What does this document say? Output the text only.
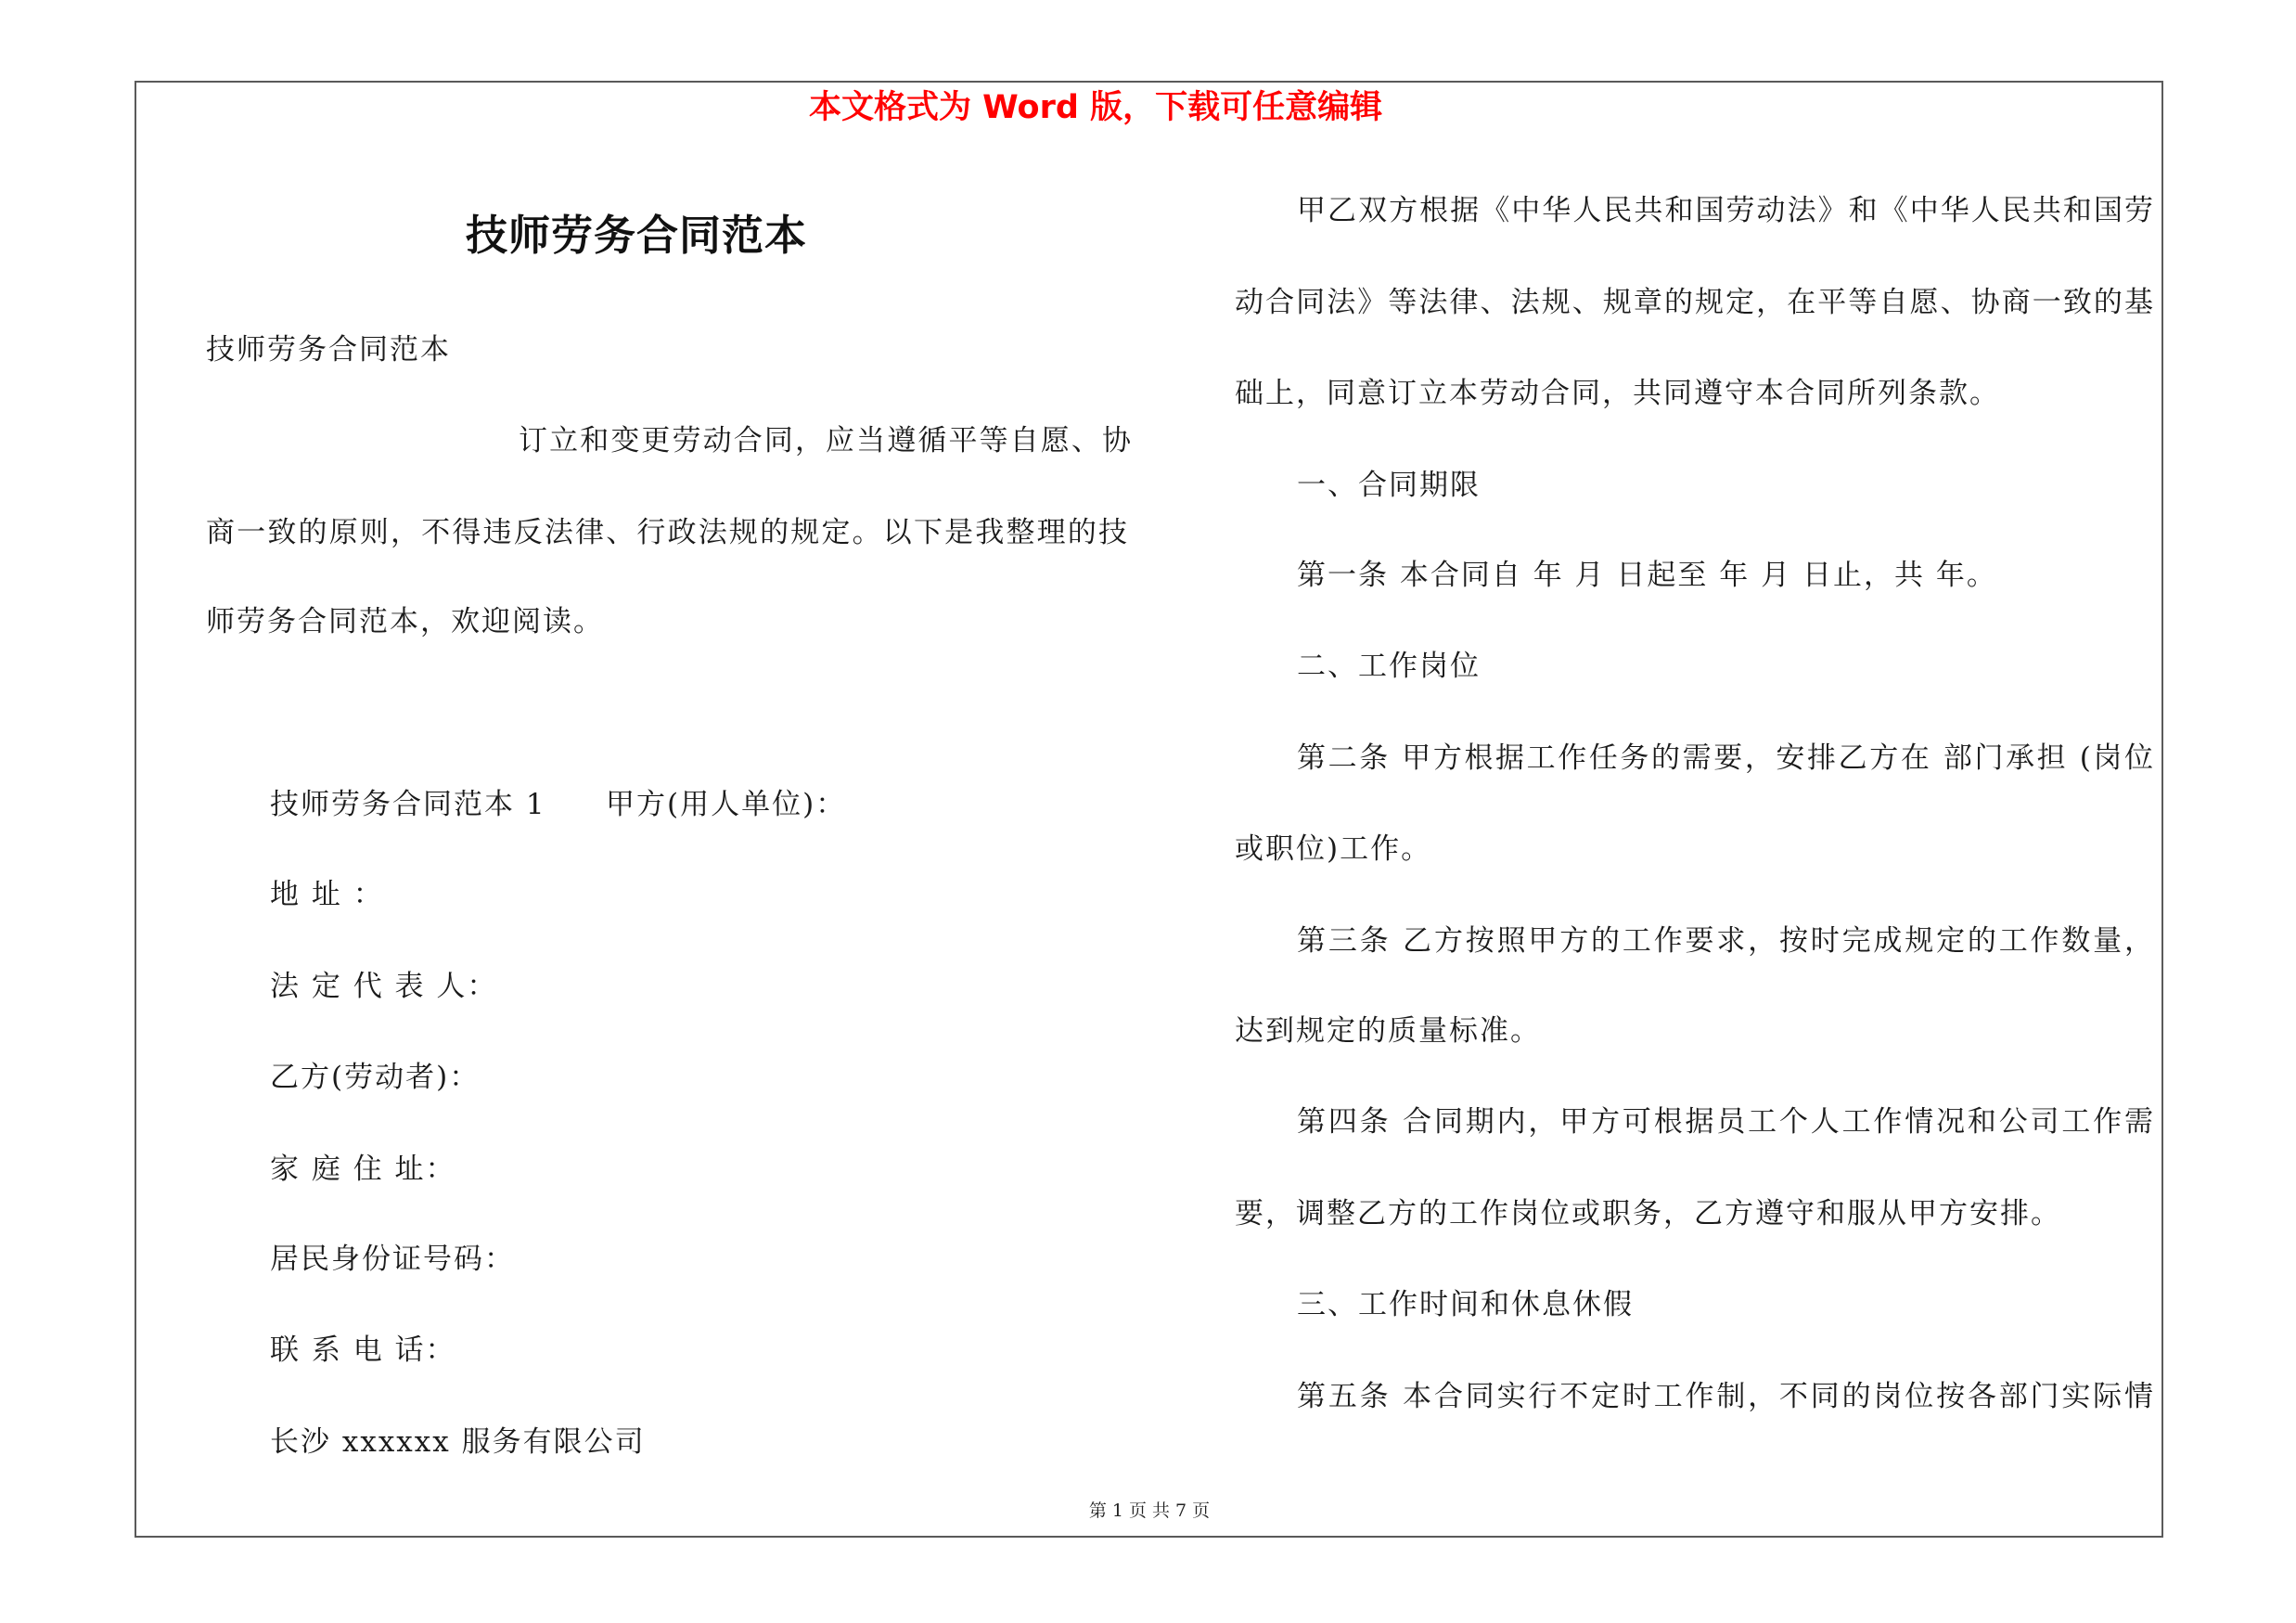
本文格式为 Word 版，下载可任意编辑
技师劳务合同范本
技师劳务合同范本
订立和变更劳动合同，应当遵循平等自愿、协
商一致的原则，不得违反法律、行政法规的规定。以下是我整理的技
师劳务合同范本，欢迎阅读。
技师劳务合同范本 1 甲方(用人单位)：
地 址 ：
法 定 代 表 人：
乙方(劳动者)：
家 庭 住 址：
居民身份证号码：
联 系 电 话：
长沙 xxxxxx 服务有限公司
甲乙双方根据《中华人民共和国劳动法》和《中华人民共和国劳
动合同法》等法律、法规、规章的规定，在平等自愿、协商一致的基
础上，同意订立本劳动合同，共同遵守本合同所列条款。
一、合同期限
第一条 本合同自 年 月 日起至 年 月 日止，共 年。
二、工作岗位
第二条 甲方根据工作任务的需要，安排乙方在 部门承担 (岗位
或职位)工作。
第三条 乙方按照甲方的工作要求，按时完成规定的工作数量，
达到规定的质量标准。
第四条 合同期内，甲方可根据员工个人工作情况和公司工作需
要，调整乙方的工作岗位或职务，乙方遵守和服从甲方安排。
三、工作时间和休息休假
第五条 本合同实行不定时工作制，不同的岗位按各部门实际情
第 1 页 共 7 页
